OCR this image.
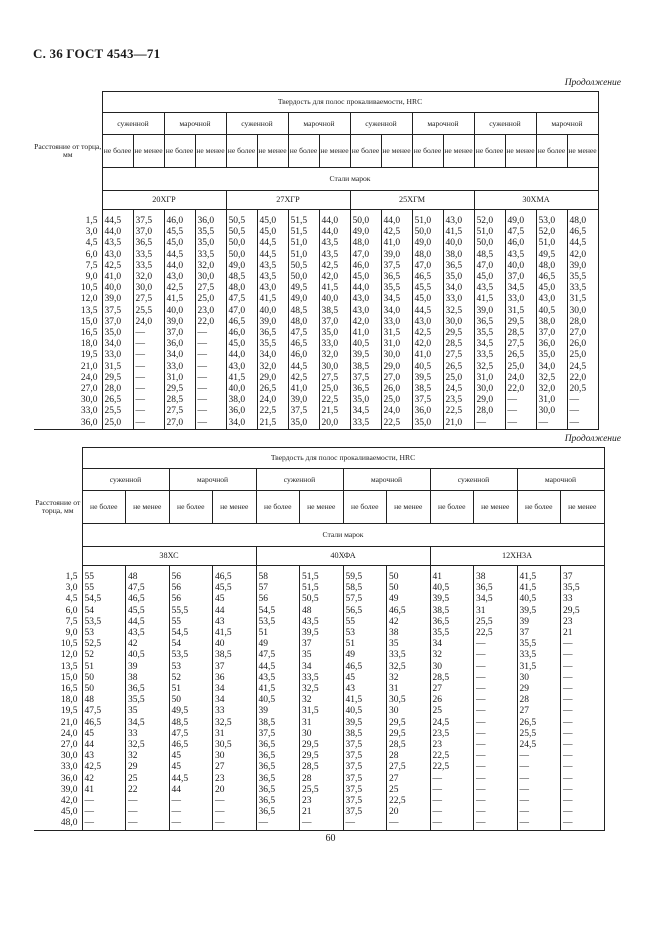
С. 36 ГОСТ 4543—71
Продолжение
Расстояние от торца, мм	Твердость для полос прокаливаемости, HRC															
	суженной		марочной		суженной		марочной		суженной		марочной		суженной		марочной	
	не более	не менее	не более	не менее	не более	не менее	не более	не менее	не более	не менее	не более	не менее	не более	не менее	не более	не менее
	Стали марок															
	20ХГР				27ХГР				25ХГМ				30ХМА			
1,5	44,5	37,5	46,0	36,0	50,5	45,0	51,5	44,0	50,0	44,0	51,0	43,0	52,0	49,0	53,0	48,0
3,0	44,0	37,0	45,5	35,5	50,5	45,0	51,5	44,0	49,0	42,5	50,0	41,5	51,0	47,5	52,0	46,5
4,5	43,5	36,5	45,0	35,0	50,0	44,5	51,0	43,5	48,0	41,0	49,0	40,0	50,0	46,0	51,0	44,5
6,0	43,0	33,5	44,5	33,5	50,0	44,5	51,0	43,5	47,0	39,0	48,0	38,0	48,5	43,5	49,5	42,0
7,5	42,5	33,5	44,0	32,0	49,0	43,5	50,5	42,5	46,0	37,5	47,0	36,5	47,0	40,0	48,0	39,0
9,0	41,0	32,0	43,0	30,0	48,5	43,5	50,0	42,0	45,0	36,5	46,5	35,0	45,0	37,0	46,5	35,5
10,5	40,0	30,0	42,5	27,5	48,0	43,0	49,5	41,5	44,0	35,5	45,5	34,0	43,5	34,5	45,0	33,5
12,0	39,0	27,5	41,5	25,0	47,5	41,5	49,0	40,0	43,0	34,5	45,0	33,0	41,5	33,0	43,0	31,5
13,5	37,5	25,5	40,0	23,0	47,0	40,0	48,5	38,5	43,0	34,0	44,5	32,5	39,0	31,5	40,5	30,0
15,0	37,0	24,0	39,0	22,0	46,5	39,0	48,0	37,0	42,0	33,0	43,0	30,0	36,5	29,5	38,0	28,0
16,5	35,0	—	37,0	—	46,0	36,5	47,5	35,0	41,0	31,5	42,5	29,5	35,5	28,5	37,0	27,0
18,0	34,0	—	36,0	—	45,0	35,5	46,5	33,0	40,5	31,0	42,0	28,5	34,5	27,5	36,0	26,0
19,5	33,0	—	34,0	—	44,0	34,0	46,0	32,0	39,5	30,0	41,0	27,5	33,5	26,5	35,0	25,0
21,0	31,5	—	33,0	—	43,0	32,0	44,5	30,0	38,5	29,0	40,5	26,5	32,5	25,0	34,0	24,5
24,0	29,5	—	31,0	—	41,5	29,0	42,5	27,5	37,5	27,0	39,5	25,0	31,0	24,0	32,5	22,0
27,0	28,0	—	29,5	—	40,0	26,5	41,0	25,0	36,5	26,0	38,5	24,5	30,0	22,0	32,0	20,5
30,0	26,5	—	28,5	—	38,0	24,0	39,0	22,5	35,0	25,0	37,5	23,5	29,0	—	31,0	—
33,0	25,5	—	27,5	—	36,0	22,5	37,5	21,5	34,5	24,0	36,0	22,5	28,0	—	30,0	—
36,0	25,0	—	27,0	—	34,0	21,5	35,0	20,0	33,5	22,5	35,0	21,0	—	—	—	—
Продолжение
Расстояние от торца, мм	Твердость для полос прокаливаемости, HRC											
	суженной		марочной		суженной		марочной		суженной		марочной	
	не более	не менее	не более	не менее	не более	не менее	не более	не менее	не более	не менее	не более	не менее
	Стали марок											
	38ХС				40ХФА				12ХН3А			
1,5	55	48	56	46,5	58	51,5	59,5	50	41	38	41,5	37
3,0	55	47,5	56	45,5	57	51,5	58,5	50	40,5	36,5	41,5	35,5
4,5	54,5	46,5	56	45	56	50,5	57,5	49	39,5	34,5	40,5	33
6,0	54	45,5	55,5	44	54,5	48	56,5	46,5	38,5	31	39,5	29,5
7,5	53,5	44,5	55	43	53,5	43,5	55	42	36,5	25,5	39	23
9,0	53	43,5	54,5	41,5	51	39,5	53	38	35,5	22,5	37	21
10,5	52,5	42	54	40	49	37	51	35	34	—	35,5	—
12,0	52	40,5	53,5	38,5	47,5	35	49	33,5	32	—	33,5	—
13,5	51	39	53	37	44,5	34	46,5	32,5	30	—	31,5	—
15,0	50	38	52	36	43,5	33,5	45	32	28,5	—	30	—
16,5	50	36,5	51	34	41,5	32,5	43	31	27	—	29	—
18,0	48	35,5	50	34	40,5	32	41,5	30,5	26	—	28	—
19,5	47,5	35	49,5	33	39	31,5	40,5	30	25	—	27	—
21,0	46,5	34,5	48,5	32,5	38,5	31	39,5	29,5	24,5	—	26,5	—
24,0	45	33	47,5	31	37,5	30	38,5	29,5	23,5	—	25,5	—
27,0	44	32,5	46,5	30,5	36,5	29,5	37,5	28,5	23	—	24,5	—
30,0	43	32	45	30	36,5	29,5	37,5	28	22,5	—	—	—
33,0	42,5	29	45	27	36,5	28,5	37,5	27,5	22,5	—	—	—
36,0	42	25	44,5	23	36,5	28	37,5	27	—	—	—	—
39,0	41	22	44	20	36,5	25,5	37,5	25	—	—	—	—
42,0	—	—	—	—	36,5	23	37,5	22,5	—	—	—	—
45,0	—	—	—	—	36,5	21	37,5	20	—	—	—	—
48,0	—	—	—	—	—	—	—	—	—	—	—	—
60
